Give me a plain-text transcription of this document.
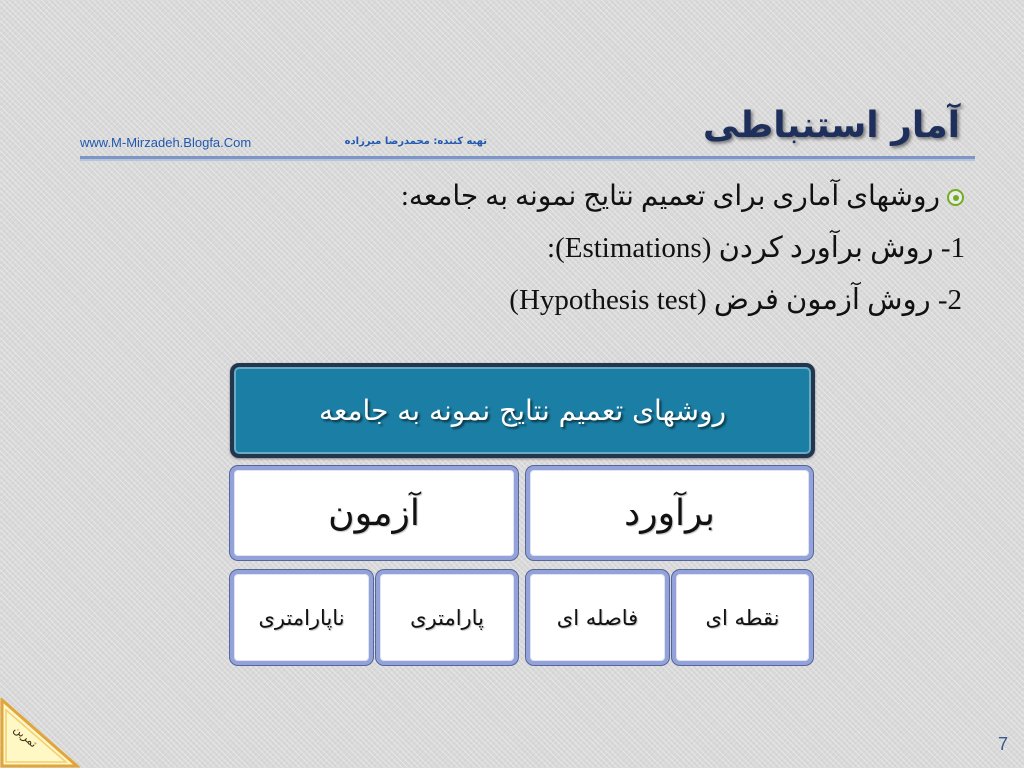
آمار استنباطی
www.M-Mirzadeh.Blogfa.Com	تهیه کننده: محمدرضا میرزاده
روشهای آماری برای تعمیم نتایج نمونه به جامعه:
1- روش برآورد کردن (Estimations):
2- روش آزمون فرض (Hypothesis test)
روشهای تعمیم نتایج نمونه به جامعه
برآورد
آزمون
نقطه ای
فاصله ای
پارامتری
ناپارامتری
تمرین	7
